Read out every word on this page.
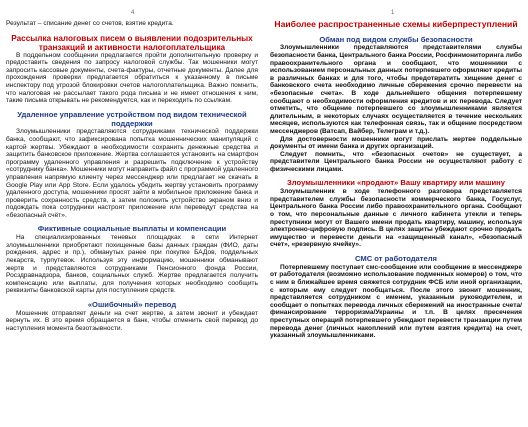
4	1

Результат – списание денег со счетов, взятие кредита.

Рассылка налоговых писем о выявлении подозрительных транзакций и активности налогоплательщика

В поддельном сообщении предлагается пройти дополнительную проверку и предоставить сведения по запросу налоговой службы. Так мошенники могут запросить кассовые документы, счета-фактуры, отчетные документы. Далее для прохождения проверки предлагается обратиться к указанному в письме инспектору под угрозой блокировки счетов налогоплательщика. Важно помнить, что налоговая не рассылает такого рода письма и не имеет отношения к ним, такие письма открывать не рекомендуется, как и переходить по ссылкам.

Удаленное управление устройством под видом технической поддержки

Злоумышленники представляются сотрудниками технической поддержки банка, сообщают, что зафиксирована попытка мошеннических манипуляций с картой жертвы. Убеждают в необходимости сохранить денежные средства и защитить банковское приложение. Жертва соглашается установить на смартфон программу удаленного управления и разрешить подключение к устройству «сотруднику банка». Мошенники могут направить файл с программой удаленного управления напрямую клиенту через мессенджер или предлагает не скачать в Google Play или App Store. Если удалось убедить жертву установить программу удаленного доступа, мошенники просят зайти в мобильное приложение банка и проверить сохранность средств, а затем положить устройство экраном вниз и подождать пока сотрудники настроят приложение или переведут средства на «безопасный счёт».

Фиктивные социальные выплаты и компенсации

На специализированных теневых площадках в сети Интернет злоумышленники приобретают похищенные базы данных граждан (ФИО, даты рождения, адрес и пр.), обманутых ранее при покупке БАДов, поддельных лекарств, турпутевок. Используя эту информацию, мошенники обманывают жертв и представляются сотрудниками Пенсионного фонда России, Росздравнадзора, банков, социальных служб. Жертве предлагается получить компенсацию или выплаты, для получения которых необходимо сообщить реквизиты банковской карты для поступления средств.

«Ошибочный» перевод

Мошенник отправляет деньги на счет жертве, а затем звонит и убеждает вернуть их. В это время обращается в банк, чтобы отменить свой перевод до наступления момента безотзывности.

Наиболее распространенные схемы киберпреступлений
Обман под видом службы безопасности

Злоумышленники представляются представителями службы безопасности банка, Центрального банка России, Росфинмониторинга либо правоохранительного органа и сообщают, что мошенники с использованием персональных данных потерпевшего оформляют кредиты в различных банках и для того, чтобы предотвратить хищение денег с банковского счета необходимо личные сбережения срочно перевести на «безопасные счета». В ходе дальнейшего общения потерпевшему сообщают о необходимости оформления кредитов и их перевода. Следует отметить, что общение потерпевшего со злоумышленниками является длительным, в некоторых случаях осуществляется в течение нескольких месяцев, используются как телефонная связь, так и общение посредством мессенджеров (Ватсап, Вайбер, Телеграм и т.д.).

Для достоверности мошенники могут прислать жертве поддельные документы от имени банка и других организаций.

Следует помнить, что «безопасных счетов» не существует, а представители Центрального банка России не осуществляют работу с физическими лицами.

Злоумышленники «продают» Вашу квартиру или машину

Злоумышленник в ходе телефонного разговора представляется представителем службы безопасности коммерческого банка, Госуслуг, Центрального банка России либо правоохранительного органа. Сообщают о том, что персональные данные с личного кабинета утекли и теперь преступники могут от Вашего имени продать квартиру, машину, используя электронно-цифровую подпись. В целях защиты убеждают срочно продать имущество и перевести деньги на «защищенный канал», «безопасный счет», «резервную ячейку».

СМС от работодателя

Потерпевшему поступает смс-сообщение или сообщение в мессенджере от работодателя (возможно использование подменных номеров) о том, что с ним в ближайшее время свяжется сотрудник ФСБ или иной организации, с которым ему следует пообщаться. После этого звонит мошенник, представляется сотрудником с именем, указанным руководителем, и сообщает о попытках перевода личных сбережений на иностранные счета/финансирование терроризма/Украины и т.п. В целях пресечения преступных операций потерпевшего убеждают перевести транзакции путем перевода денег (личных накоплений или путем взятия кредита) на счет, указанный злоумышленниками.
